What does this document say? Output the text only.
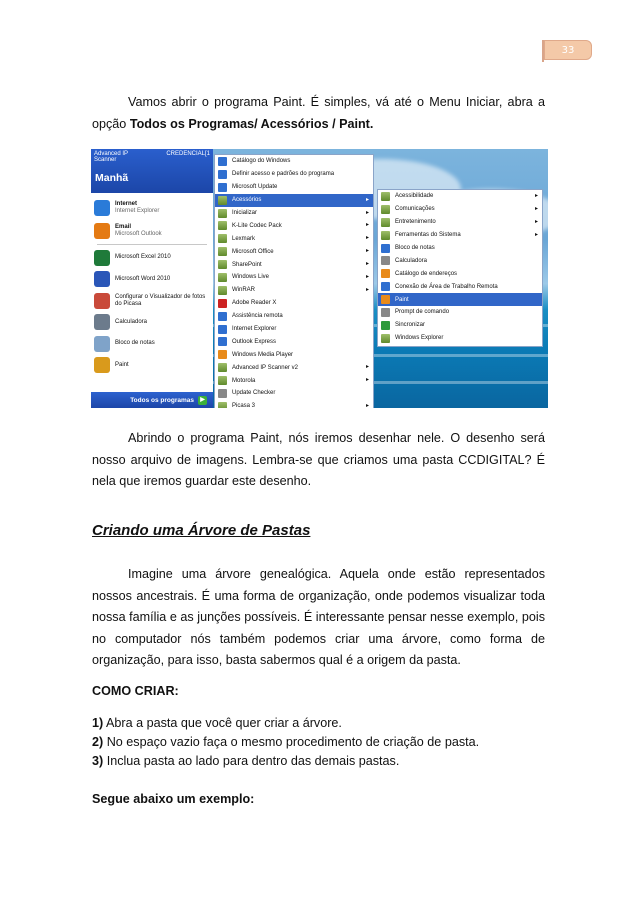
33
Vamos abrir o programa Paint. É simples, vá até o Menu Iniciar, abra a opção Todos os Programas/ Acessórios / Paint.
Advanced IP
Scanner
CREDENCIAL[1
Manhã
Internet
Internet Explorer
Email
Microsoft Outlook
Microsoft Excel 2010
Microsoft Word 2010
Configurar o Visualizador de fotos do Picasa
Calculadora
Bloco de notas
Paint
Todos os programas	▶
Catálogo do Windows
Definir acesso e padrões do programa
Microsoft Update
Acessórios	▸
Inicializar	▸
K-Lite Codec Pack	▸
Lexmark	▸
Microsoft Office	▸
SharePoint	▸
Windows Live	▸
WinRAR	▸
Adobe Reader X
Assistência remota
Internet Explorer
Outlook Express
Windows Media Player
Advanced IP Scanner v2	▸
Motorola	▸
Update Checker
Picasa 3	▸
Acessibilidade	▸
Comunicações	▸
Entretenimento	▸
Ferramentas do Sistema	▸
Bloco de notas
Calculadora
Catálogo de endereços
Conexão de Área de Trabalho Remota
Paint
Prompt de comando
Sincronizar
Windows Explorer
Abrindo o programa Paint, nós iremos desenhar nele. O desenho será nosso arquivo de imagens. Lembra-se que criamos uma pasta CCDIGITAL? É nela que iremos guardar este desenho.
Criando uma Árvore de Pastas
Imagine uma árvore genealógica. Aquela onde estão representados nossos ancestrais. É uma forma de organização, onde podemos visualizar toda nossa família e as junções possíveis. É interessante pensar nesse exemplo, pois no computador nós também podemos criar uma árvore, como forma de organização, para isso, basta sabermos qual é a origem da pasta.
COMO CRIAR:
1) Abra a pasta que você quer criar a árvore.
2) No espaço vazio faça o mesmo procedimento de criação de pasta.
3) Inclua pasta ao lado para dentro das demais pastas.
Segue abaixo um exemplo:
